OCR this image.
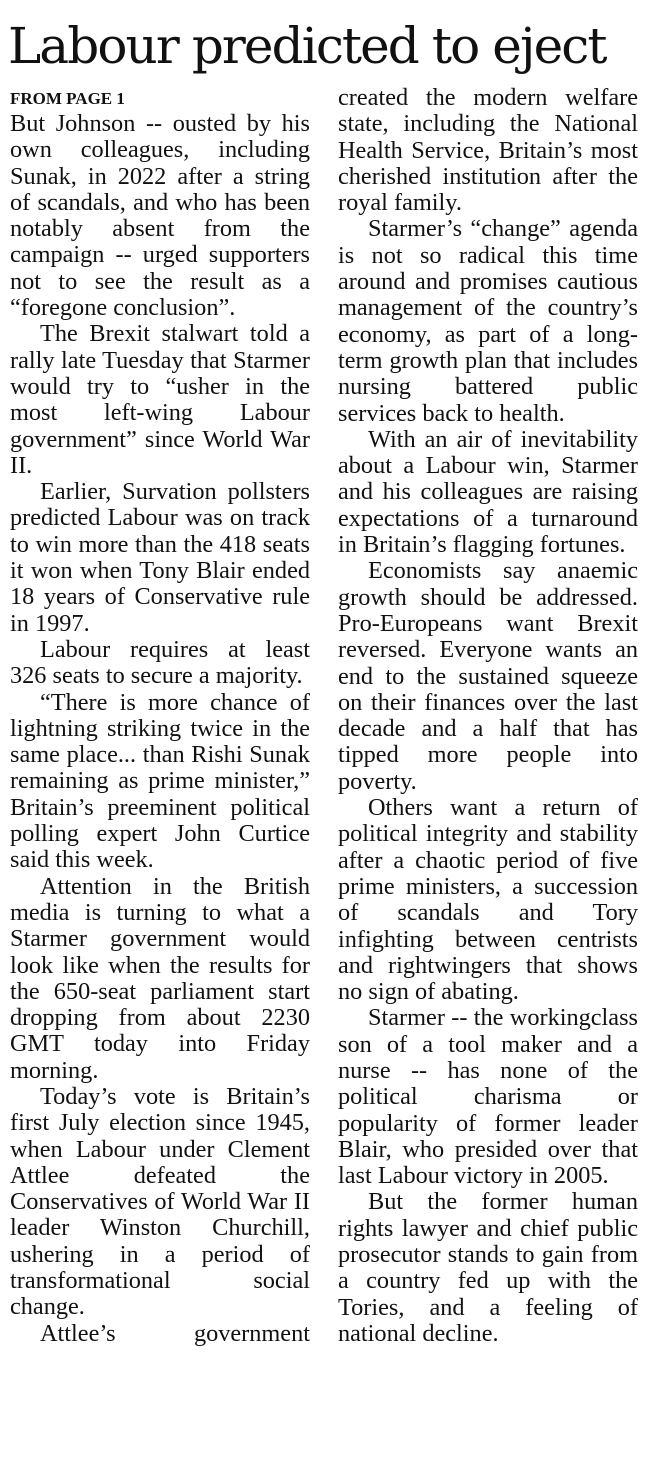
Labour predicted to eject
FROM PAGE 1

But Johnson -- ousted by his own colleagues, including Sunak, in 2022 after a string of scandals, and who has been notably absent from the campaign -- urged supporters not to see the result as a “foregone conclusion”.

The Brexit stalwart told a rally late Tuesday that Starmer would try to “usher in the most left-wing Labour government” since World War II.

Earlier, Survation pollsters predicted Labour was on track to win more than the 418 seats it won when Tony Blair ended 18 years of Conservative rule in 1997.

Labour requires at least 326 seats to secure a majority.

“There is more chance of lightning striking twice in the same place... than Rishi Sunak remaining as prime minister,” Britain’s preeminent political polling expert John Curtice said this week.

Attention in the British media is turning to what a Starmer government would look like when the results for the 650-seat parliament start dropping from about 2230 GMT today into Friday morning.

Today’s vote is Britain’s first July election since 1945, when Labour under Clement Attlee defeated the Conservatives of World War II leader Winston Churchill, ushering in a period of transformational social change.

Attlee’s government

created the modern welfare state, including the National Health Service, Britain’s most cherished institution after the royal family.

Starmer’s “change” agenda is not so radical this time around and promises cautious management of the country’s economy, as part of a long-term growth plan that includes nursing battered public services back to health.

With an air of inevitability about a Labour win, Starmer and his colleagues are raising expectations of a turnaround in Britain’s flagging fortunes.

Economists say anaemic growth should be addressed. Pro-Europeans want Brexit reversed. Everyone wants an end to the sustained squeeze on their finances over the last decade and a half that has tipped more people into poverty.

Others want a return of political integrity and stability after a chaotic period of five prime ministers, a succession of scandals and Tory infighting between centrists and rightwingers that shows no sign of abating.

Starmer -- the workingclass son of a tool maker and a nurse -- has none of the political charisma or popularity of former leader Blair, who presided over that last Labour victory in 2005.

But the former human rights lawyer and chief public prosecutor stands to gain from a country fed up with the Tories, and a feeling of national decline.
